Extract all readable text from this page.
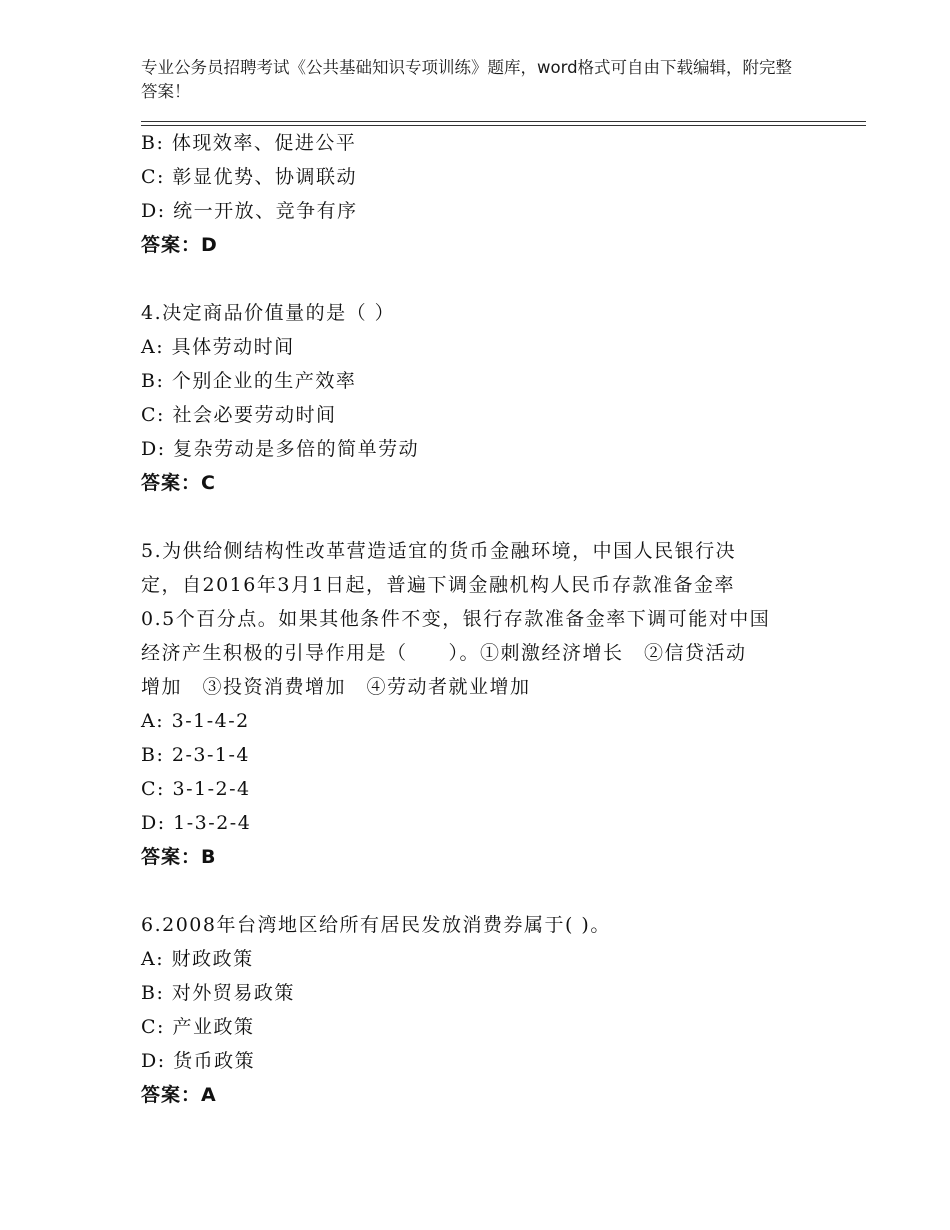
专业公务员招聘考试《公共基础知识专项训练》题库，word格式可自由下载编辑，附完整答案！
B: 体现效率、促进公平
C: 彰显优势、协调联动
D: 统一开放、竞争有序
答案：D
4.决定商品价值量的是（ ）
A: 具体劳动时间
B: 个别企业的生产效率
C: 社会必要劳动时间
D: 复杂劳动是多倍的简单劳动
答案：C
5.为供给侧结构性改革营造适宜的货币金融环境，中国人民银行决
定，自2016年3月1日起，普遍下调金融机构人民币存款准备金率
0.5个百分点。如果其他条件不变，银行存款准备金率下调可能对中国
经济产生积极的引导作用是（　　）。①刺激经济增长　②信贷活动
增加　③投资消费增加　④劳动者就业增加
A: 3-1-4-2
B: 2-3-1-4
C: 3-1-2-4
D: 1-3-2-4
答案：B
6.2008年台湾地区给所有居民发放消费券属于( )。
A: 财政政策
B: 对外贸易政策
C: 产业政策
D: 货币政策
答案：A
